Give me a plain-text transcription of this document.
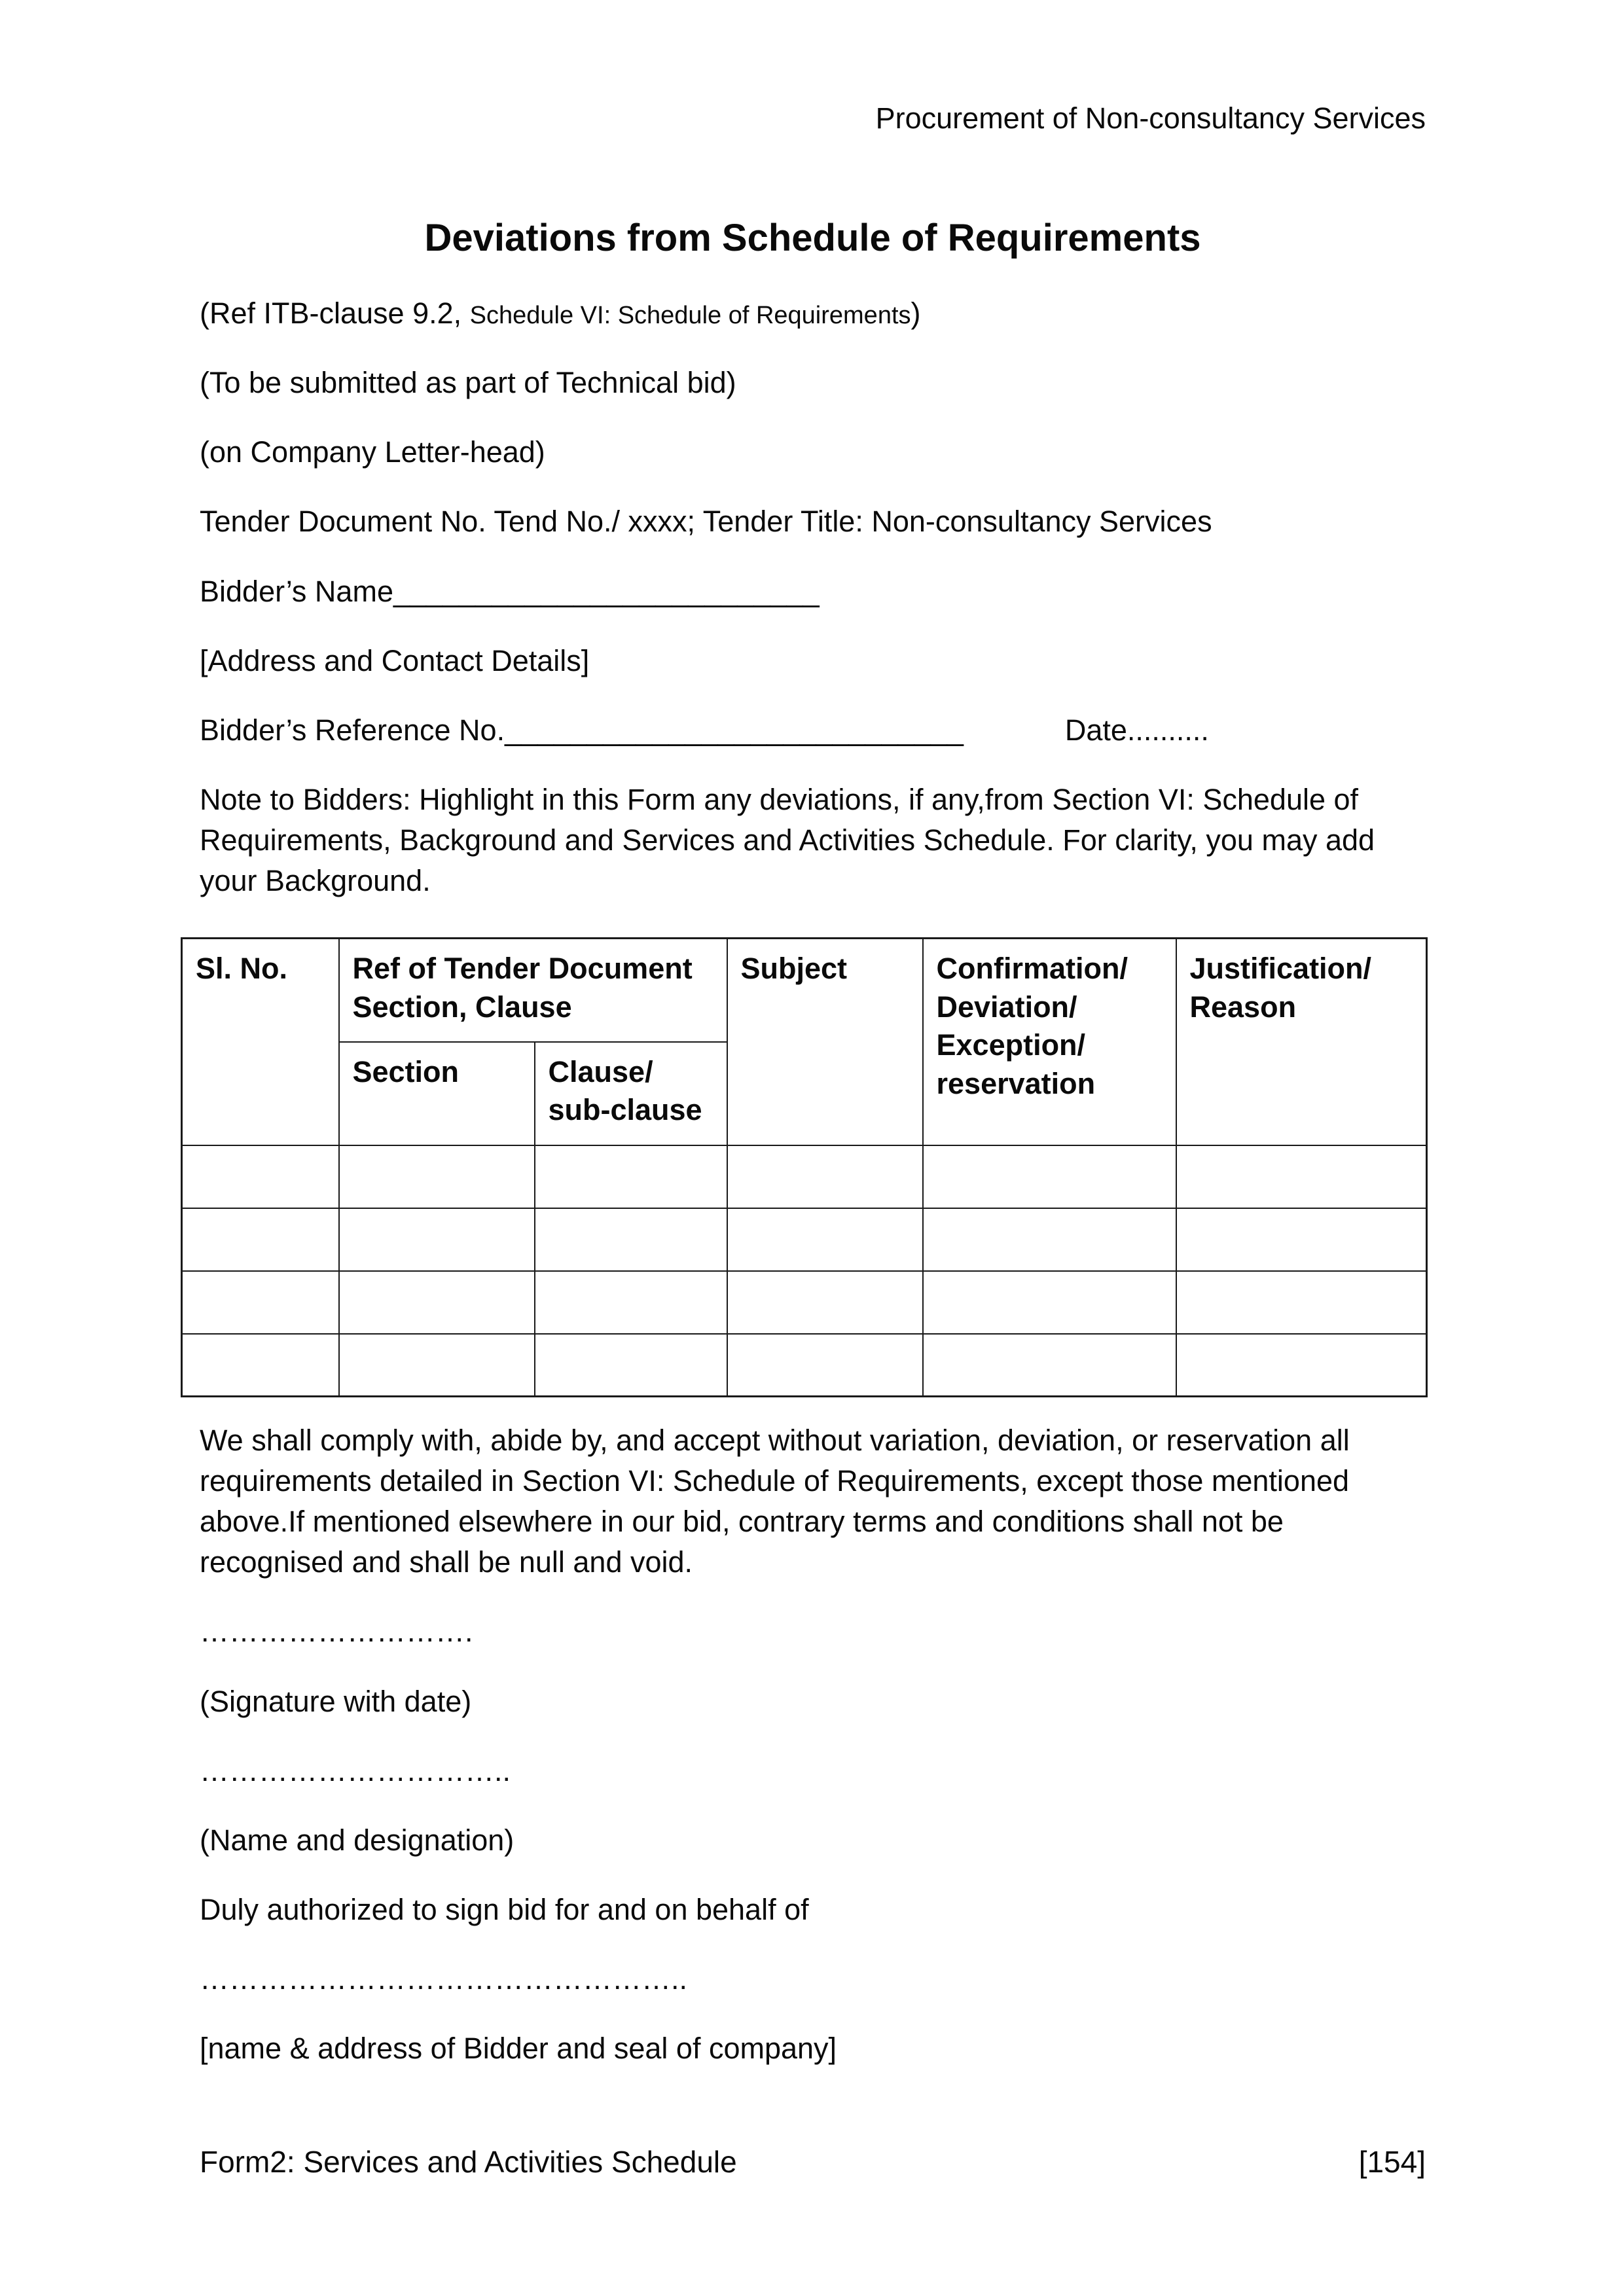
Procurement of Non-consultancy Services
Deviations from Schedule of Requirements

(Ref ITB-clause 9.2, Schedule VI: Schedule of Requirements)

(To be submitted as part of Technical bid)

(on Company Letter-head)

Tender Document No. Tend No./ xxxx; Tender Title: Non-consultancy Services

Bidder’s Name__________________________

[Address and Contact Details]

Bidder’s Reference No.____________________________	Date..........

Note to Bidders: Highlight in this Form any deviations, if any,from Section VI: Schedule of Requirements, Background and Services and Activities Schedule. For clarity, you may add your Background.

Sl. No.	Ref of Tender Document Section, Clause		Subject	Confirmation/ Deviation/ Exception/ reservation	Justification/ Reason
	Section	Clause/ sub-clause			

We shall comply with, abide by, and accept without variation, deviation, or reservation all requirements detailed in Section VI: Schedule of Requirements, except those mentioned above.If mentioned elsewhere in our bid, contrary terms and conditions shall not be recognised and shall be null and void.

……………………….

(Signature with date)

…………………………..

(Name and designation)

Duly authorized to sign bid for and on behalf of

…………………………………………..

[name & address of Bidder and seal of company]

Form2: Services and Activities Schedule	[154]
